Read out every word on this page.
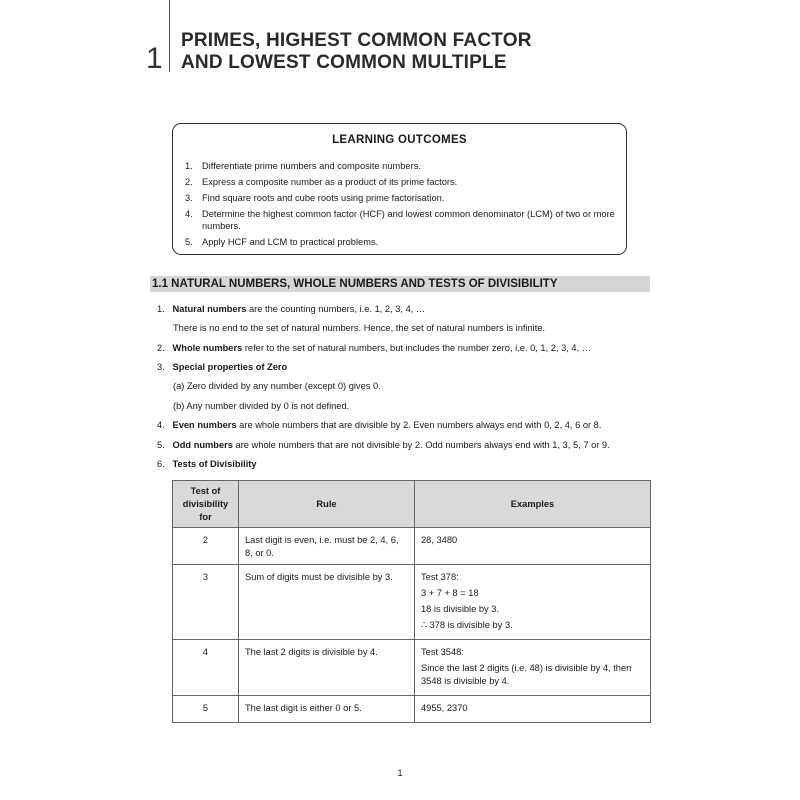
1
PRIMES, HIGHEST COMMON FACTOR
AND LOWEST COMMON MULTIPLE
LEARNING OUTCOMES
1. Differentiate prime numbers and composite numbers.
2. Express a composite number as a product of its prime factors.
3. Find square roots and cube roots using prime factorisation.
4. Determine the highest common factor (HCF) and lowest common denominator (LCM) of two or more numbers.
5. Apply HCF and LCM to practical problems.
1.1 NATURAL NUMBERS, WHOLE NUMBERS AND TESTS OF DIVISIBILITY
1. Natural numbers are the counting numbers, i.e. 1, 2, 3, 4, …
There is no end to the set of natural numbers. Hence, the set of natural numbers is infinite.
2. Whole numbers refer to the set of natural numbers, but includes the number zero, i.e. 0, 1, 2, 3, 4, …
3. Special properties of Zero
(a) Zero divided by any number (except 0) gives 0.
(b) Any number divided by 0 is not defined.
4. Even numbers are whole numbers that are divisible by 2. Even numbers always end with 0, 2, 4, 6 or 8.
5. Odd numbers are whole numbers that are not divisible by 2. Odd numbers always end with 1, 3, 5, 7 or 9.
6. Tests of Divisibility
Test of divisibility for	Rule	Examples
2	Last digit is even, i.e. must be 2, 4, 6, 8, or 0.	28, 3480

3	Sum of digits must be divisible by 3.	Test 378:
3 + 7 + 8 = 18
18 is divisible by 3.
∴ 378 is divisible by 3.

4	The last 2 digits is divisible by 4.	Test 3548:
Since the last 2 digits (i.e. 48) is divisible by 4, then 3548 is divisible by 4.

5	The last digit is either 0 or 5.	4955, 2370
1
